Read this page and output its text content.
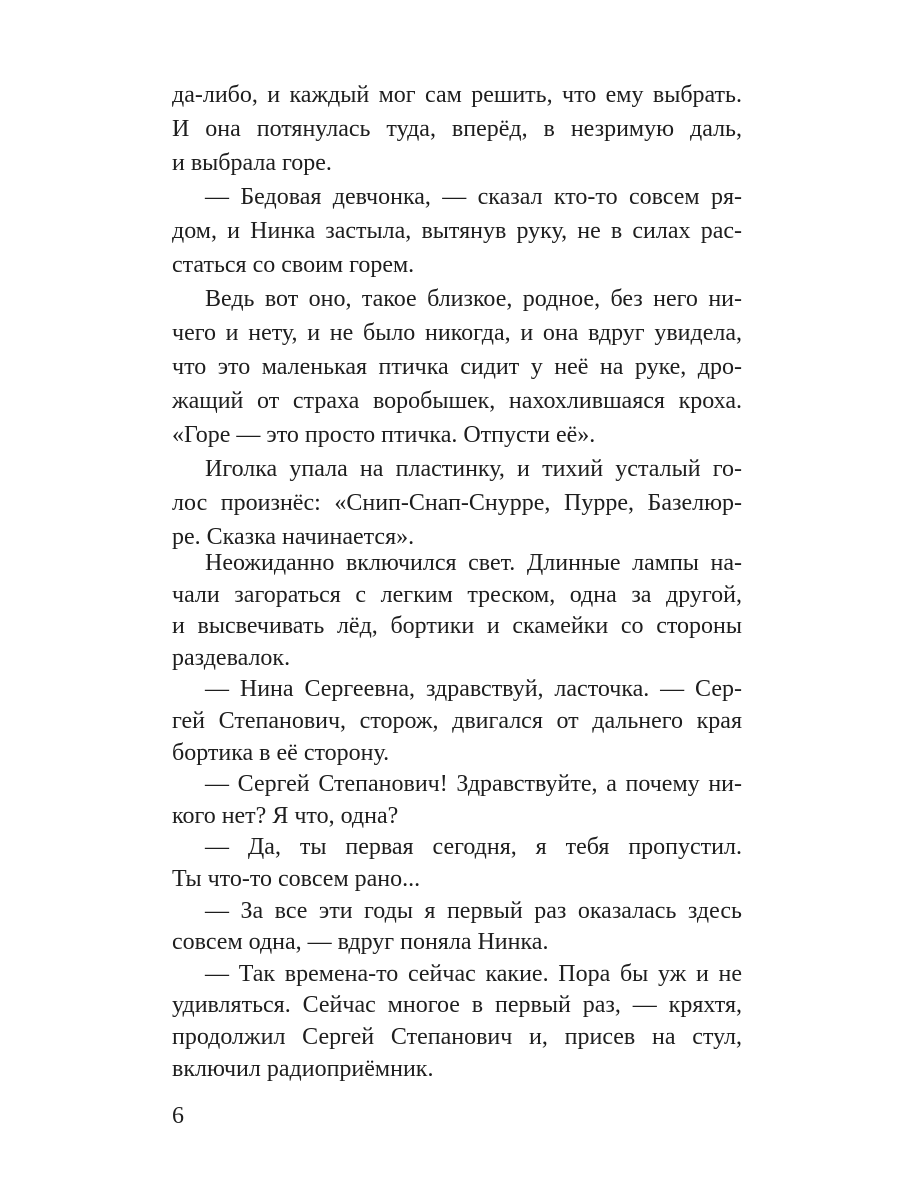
да-либо, и каждый мог сам решить, что ему выбрать.
И она потянулась туда, вперёд, в незримую даль,
и выбрала горе.
— Бедовая девчонка, — сказал кто-то совсем ря-
дом, и Нинка застыла, вытянув руку, не в силах рас-
статься со своим горем.
Ведь вот оно, такое близкое, родное, без него ни-
чего и нету, и не было никогда, и она вдруг увидела,
что это маленькая птичка сидит у неё на руке, дро-
жащий от страха воробышек, нахохлившаяся кроха.
«Горе — это просто птичка. Отпусти её».
Иголка упала на пластинку, и тихий усталый го-
лос произнёс: «Снип-Снап-Снурре, Пурре, Базелюр-
ре. Сказка начинается».
Неожиданно включился свет. Длинные лампы на-
чали загораться с легким треском, одна за другой,
и высвечивать лёд, бортики и скамейки со стороны
раздевалок.
— Нина Сергеевна, здравствуй, ласточка. — Сер-
гей Степанович, сторож, двигался от дальнего края
бортика в её сторону.
— Сергей Степанович! Здравствуйте, а почему ни-
кого нет? Я что, одна?
— Да, ты первая сегодня, я тебя пропустил.
Ты что-то совсем рано...
— За все эти годы я первый раз оказалась здесь
совсем одна, — вдруг поняла Нинка.
— Так времена-то сейчас какие. Пора бы уж и не
удивляться. Сейчас многое в первый раз, — кряхтя,
продолжил Сергей Степанович и, присев на стул,
включил радиоприёмник.
6
